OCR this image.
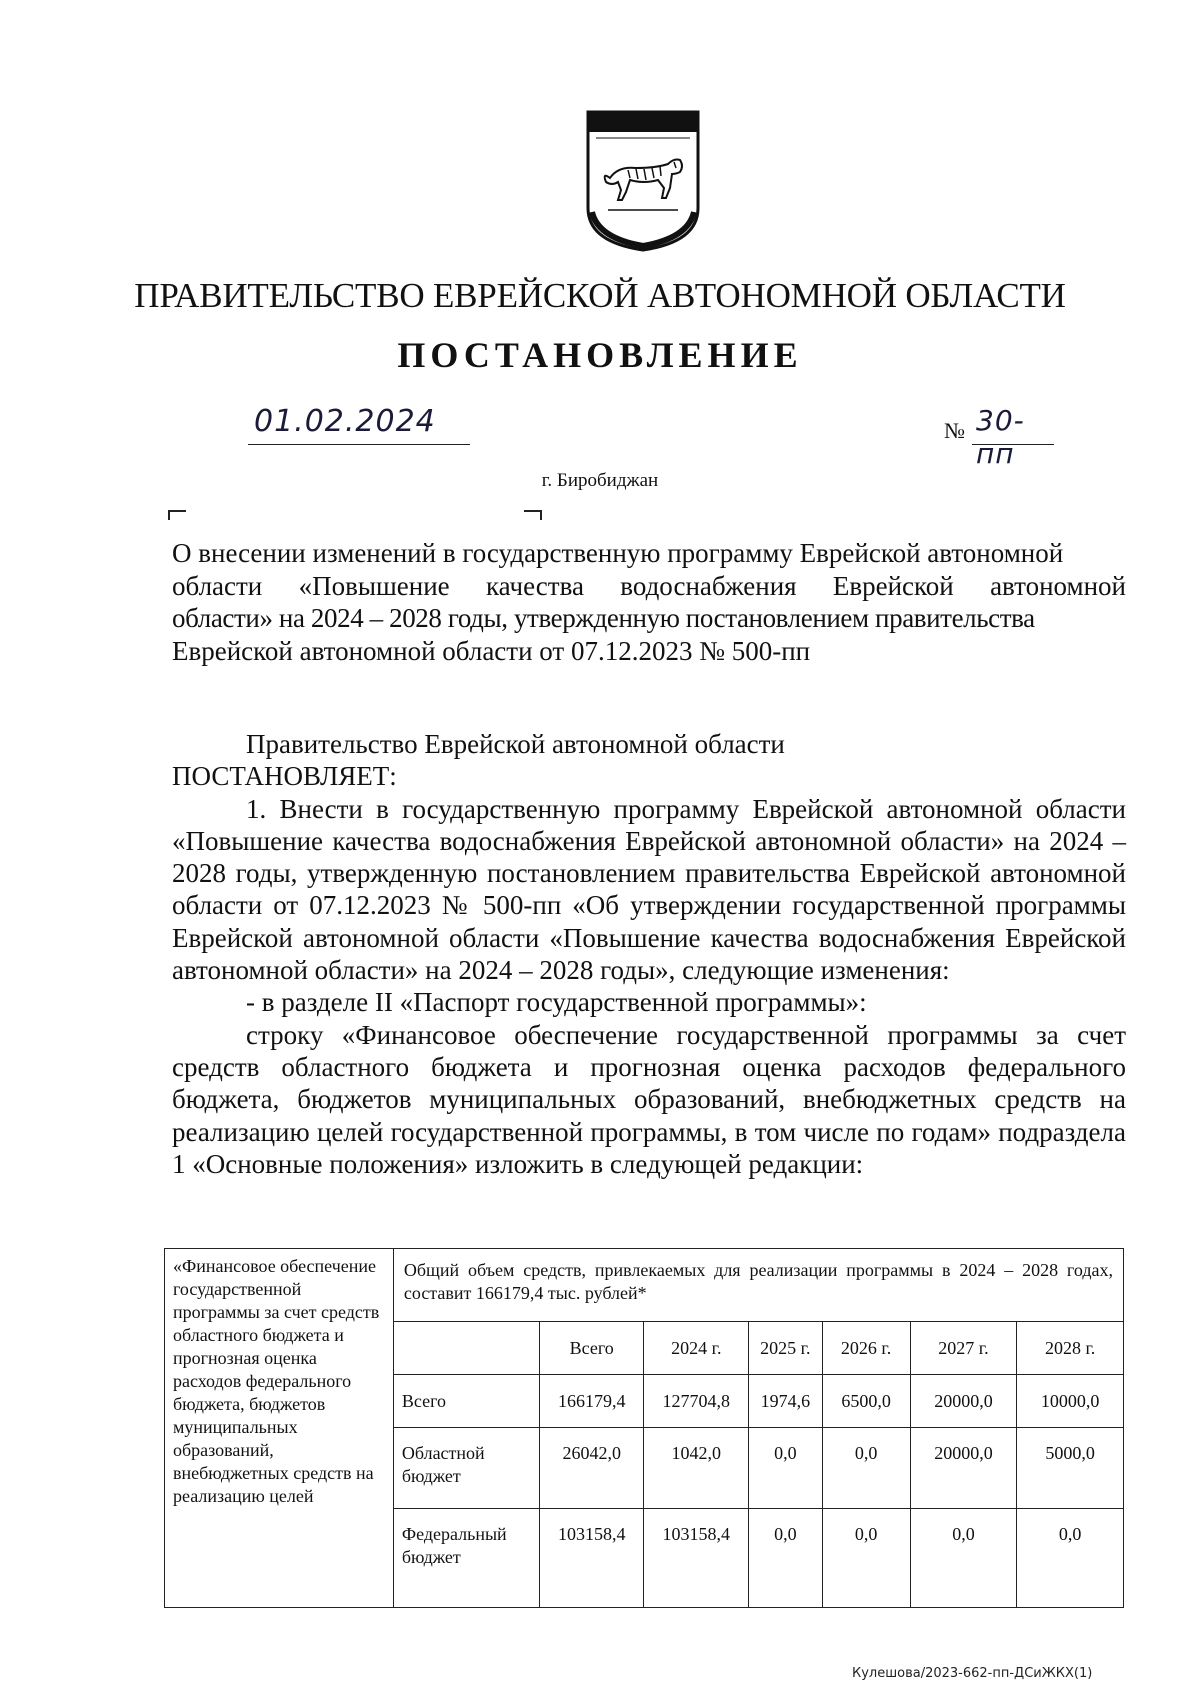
ПРАВИТЕЛЬСТВО ЕВРЕЙСКОЙ АВТОНОМНОЙ ОБЛАСТИ
ПОСТАНОВЛЕНИЕ
01.02.2024	№ 30-пп
г. Биробиджан
О внесении изменений в государственную программу Еврейской автономной
области «Повышение качества водоснабжения Еврейской автономной
области» на 2024 – 2028 годы, утвержденную постановлением правительства
Еврейской автономной области от 07.12.2023 № 500-пп

Правительство Еврейской автономной области

ПОСТАНОВЛЯЕТ:

1. Внести в государственную программу Еврейской автономной области «Повышение качества водоснабжения Еврейской автономной области» на 2024 – 2028 годы, утвержденную постановлением правительства Еврейской автономной области от 07.12.2023 № 500-пп «Об утверждении государственной программы Еврейской автономной области «Повышение качества водоснабжения Еврейской автономной области» на 2024 – 2028 годы», следующие изменения:

- в разделе II «Паспорт государственной программы»:

строку «Финансовое обеспечение государственной программы за счет средств областного бюджета и прогнозная оценка расходов федерального бюджета, бюджетов муниципальных образований, внебюджетных средств на реализацию целей государственной программы, в том числе по годам» подраздела 1 «Основные положения» изложить в следующей редакции:

«Финансовое обеспечение государственной программы за счет средств областного бюджета и прогнозная оценка расходов федерального бюджета, бюджетов муниципальных образований, внебюджетных средств на реализацию целей	Общий объем средств, привлекаемых для реализации программы в 2024 – 2028 годах, составит 166179,4 тыс. рублей*						
		Всего	2024 г.	2025 г.	2026 г.	2027 г.	2028 г.
	Всего	166179,4	127704,8	1974,6	6500,0	20000,0	10000,0
	Областной бюджет	26042,0	1042,0	0,0	0,0	20000,0	5000,0
	Федеральный бюджет	103158,4	103158,4	0,0	0,0	0,0	0,0
Кулешова/2023-662-пп-ДСиЖКХ(1)
